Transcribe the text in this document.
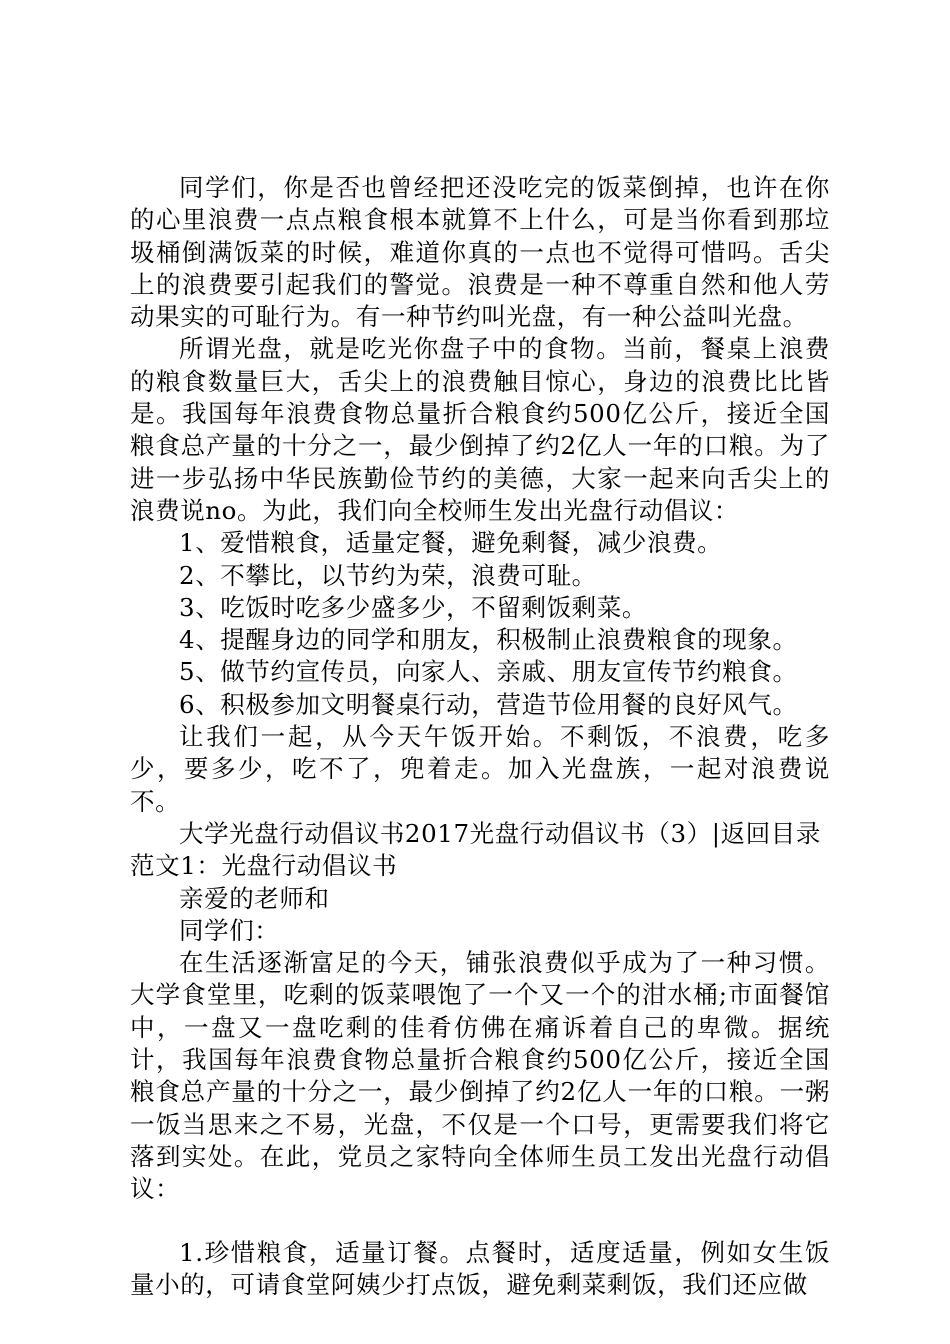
同学们，你是否也曾经把还没吃完的饭菜倒掉，也许在你的心里浪费一点点粮食根本就算不上什么，可是当你看到那垃圾桶倒满饭菜的时候，难道你真的一点也不觉得可惜吗。舌尖上的浪费要引起我们的警觉。浪费是一种不尊重自然和他人劳动果实的可耻行为。有一种节约叫光盘，有一种公益叫光盘。

所谓光盘，就是吃光你盘子中的食物。当前，餐桌上浪费的粮食数量巨大，舌尖上的浪费触目惊心，身边的浪费比比皆是。我国每年浪费食物总量折合粮食约500亿公斤，接近全国粮食总产量的十分之一，最少倒掉了约2亿人一年的口粮。为了进一步弘扬中华民族勤俭节约的美德，大家一起来向舌尖上的浪费说no。为此，我们向全校师生发出光盘行动倡议：

1、爱惜粮食，适量定餐，避免剩餐，减少浪费。

2、不攀比，以节约为荣，浪费可耻。

3、吃饭时吃多少盛多少，不留剩饭剩菜。

4、提醒身边的同学和朋友，积极制止浪费粮食的现象。

5、做节约宣传员，向家人、亲戚、朋友宣传节约粮食。

6、积极参加文明餐桌行动，营造节俭用餐的良好风气。

让我们一起，从今天午饭开始。不剩饭，不浪费，吃多少，要多少，吃不了，兜着走。加入光盘族，一起对浪费说不。

大学光盘行动倡议书2017光盘行动倡议书（3）|返回目录

范文1：光盘行动倡议书

亲爱的老师和

同学们：

在生活逐渐富足的今天，铺张浪费似乎成为了一种习惯。大学食堂里，吃剩的饭菜喂饱了一个又一个的泔水桶;市面餐馆中，一盘又一盘吃剩的佳肴仿佛在痛诉着自己的卑微。据统计，我国每年浪费食物总量折合粮食约500亿公斤，接近全国粮食总产量的十分之一，最少倒掉了约2亿人一年的口粮。一粥一饭当思来之不易，光盘，不仅是一个口号，更需要我们将它落到实处。在此，党员之家特向全体师生员工发出光盘行动倡议：

1.珍惜粮食，适量订餐。点餐时，适度适量，例如女生饭量小的，可请食堂阿姨少打点饭，避免剩菜剩饭，我们还应做
